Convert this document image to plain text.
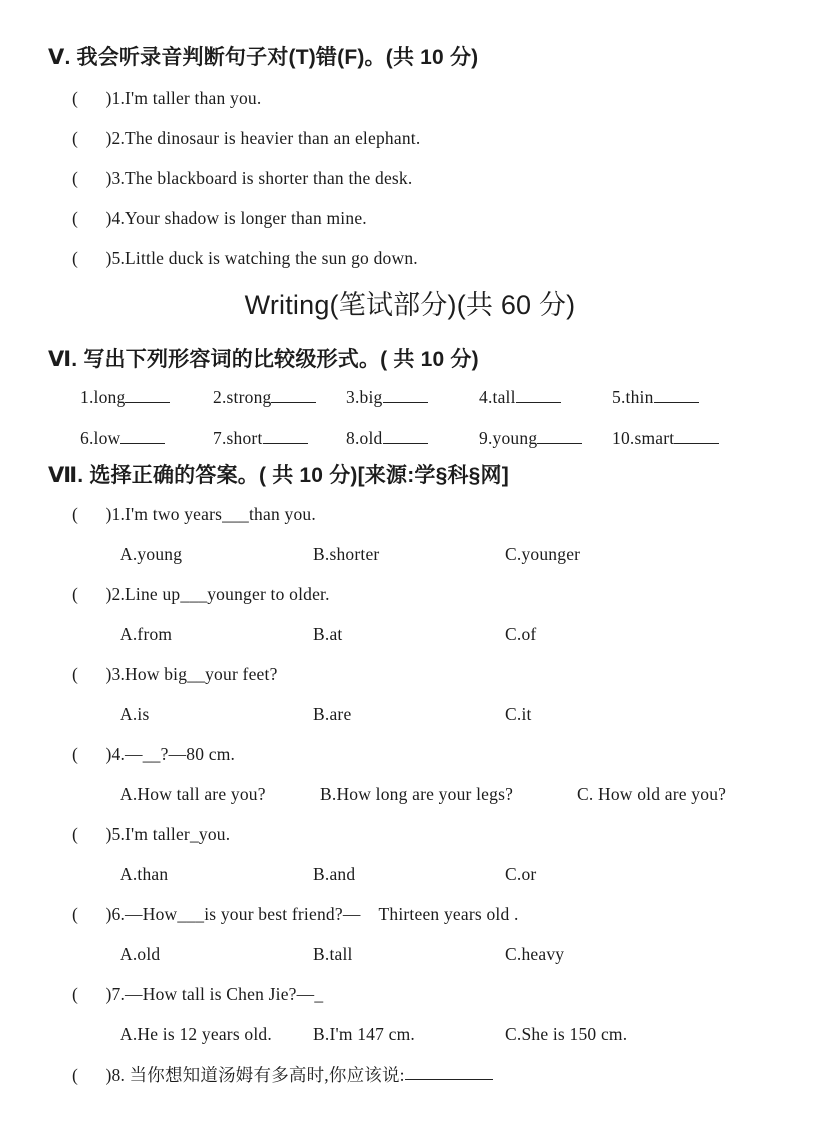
Ⅴ. 我会听录音判断句子对(T)错(F)。(共 10 分)
(      )1.I'm taller than you.
(      )2.The dinosaur is heavier than an elephant.
(      )3.The blackboard is shorter than the desk.
(      )4.Your shadow is longer than mine.
(      )5.Little duck is watching the sun go down.
Writing(笔试部分)(共 60 分)
Ⅵ. 写出下列形容词的比较级形式。( 共 10 分)
1.long	2.strong	3.big	4.tall	5.thin
6.low	7.short	8.old	9.young	10.smart
Ⅶ. 选择正确的答案。( 共 10 分)[来源:学§科§网]
(      )1.I'm two years___than you.
A.young	B.shorter	C.younger
(      )2.Line up___younger to older.
A.from	B.at	C.of
(      )3.How big__your feet?
A.is	B.are	C.it
(      )4.—__?—80 cm.
A.How tall are you?	B.How long are your legs?	C. How old are you?
(      )5.I'm taller_you.
A.than	B.and	C.or
(      )6.—How___is your best friend?—    Thirteen years old .
A.old	B.tall	C.heavy
(      )7.—How tall is Chen Jie?—_
A.He is 12 years old.	B.I'm 147 cm.	C.She is 150 cm.
(      )8. 当你想知道汤姆有多高时,你应该说:
